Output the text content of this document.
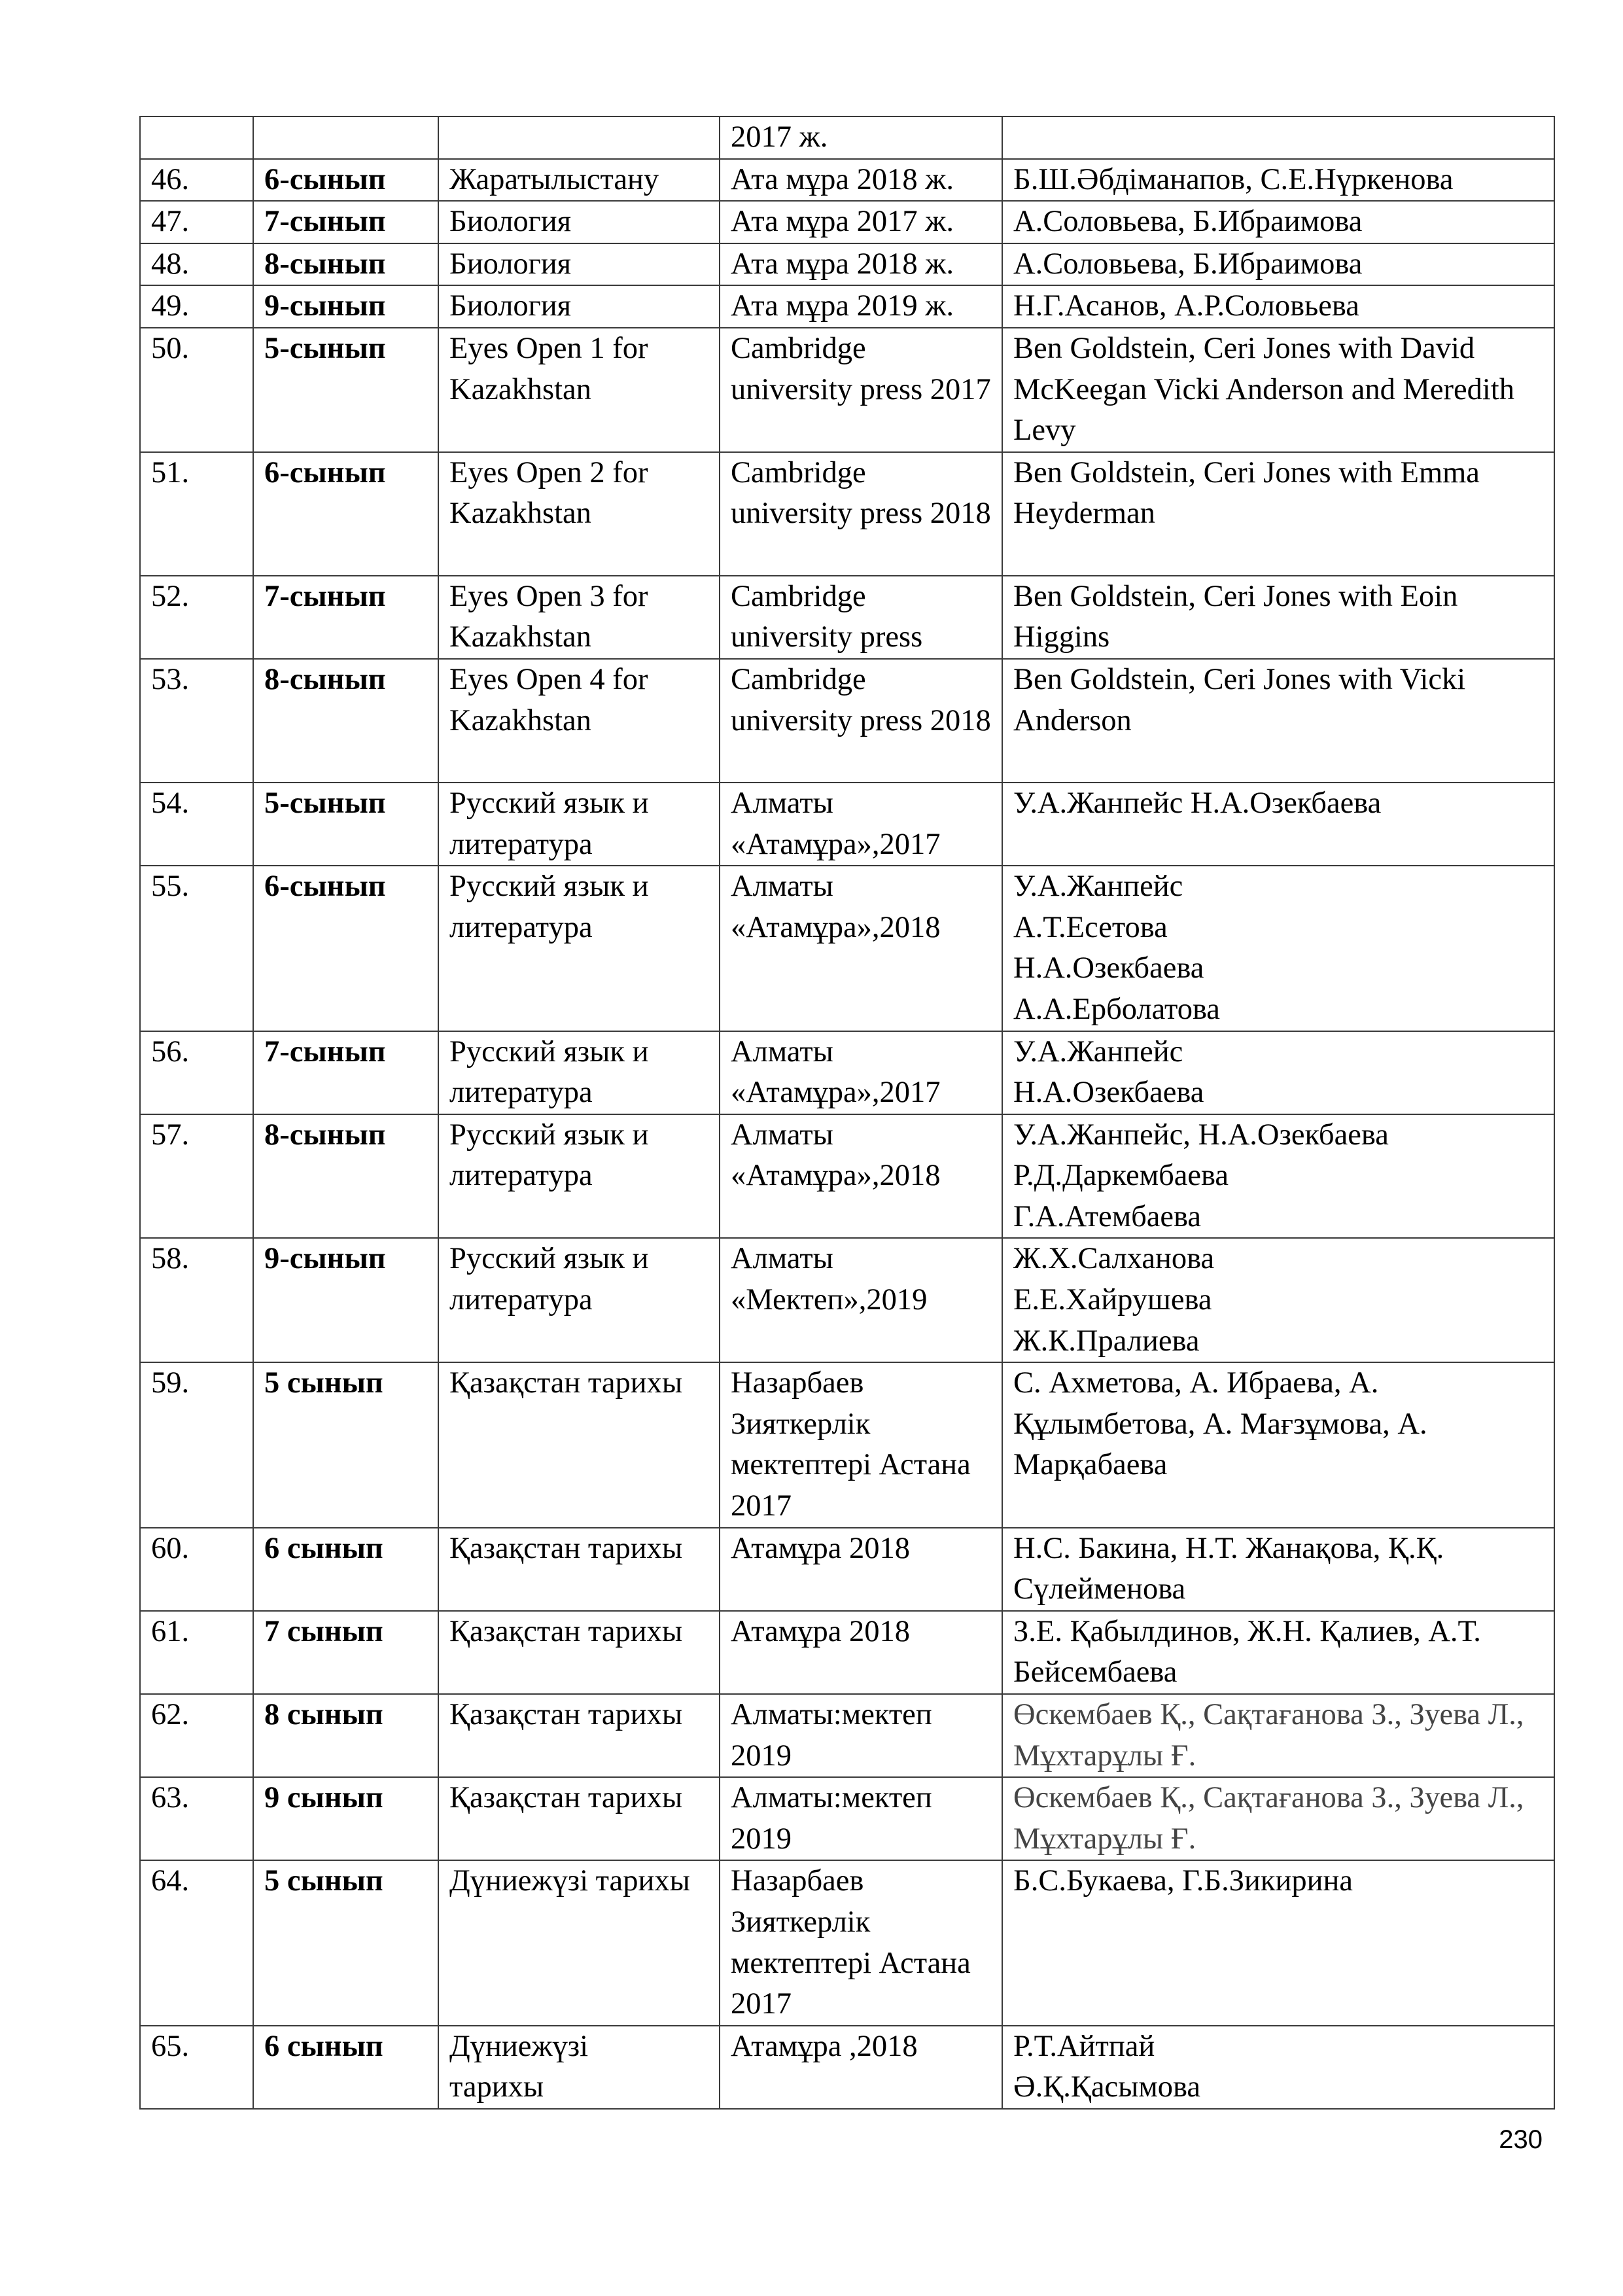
			2017 ж.	
46.	6-сынып	Жаратылыстану	Ата мұра 2018 ж.	Б.Ш.Әбдіманапов, С.Е.Нүркенова
47.	7-сынып	Биология	Ата мұра 2017 ж.	А.Соловьева, Б.Ибраимова
48.	8-сынып	Биология	Ата мұра 2018 ж.	А.Соловьева, Б.Ибраимова
49.	9-сынып	Биология	Ата мұра 2019 ж.	Н.Г.Асанов, А.Р.Соловьева
50.	5-сынып	Eyes Open 1 for Kazakhstan	Cambridge university press 2017	Ben Goldstein, Ceri Jones with David McKeegan Vicki Anderson and Meredith Levy
51.	6-сынып	Eyes Open 2 for Kazakhstan	Cambridge university press 2018	Ben Goldstein, Ceri Jones with Emma Heyderman
52.	7-сынып	Eyes Open 3 for Kazakhstan	Cambridge university press	Ben Goldstein, Ceri Jones with Eoin Higgins
53.	8-сынып	Eyes Open 4 for Kazakhstan	Cambridge university press 2018	Ben Goldstein, Ceri Jones with Vicki Anderson
54.	5-сынып	Русский язык и литература	Алматы «Атамұра»,2017	У.А.Жанпейс Н.А.Озекбаева
55.	6-сынып	Русский язык и литература	Алматы «Атамұра»,2018	У.А.Жанпейс
А.Т.Есетова
Н.А.Озекбаева
А.А.Ерболатова
56.	7-сынып	Русский язык и литература	Алматы «Атамұра»,2017	У.А.Жанпейс
Н.А.Озекбаева
57.	8-сынып	Русский язык и литература	Алматы «Атамұра»,2018	У.А.Жанпейс, Н.А.Озекбаева
Р.Д.Даркембаева
Г.А.Атембаева
58.	9-сынып	Русский язык и литература	Алматы «Мектеп»,2019	Ж.Х.Салханова
Е.Е.Хайрушева
Ж.К.Пралиева
59.	5 сынып	Қазақстан тарихы	Назарбаев Зияткерлік мектептері Астана 2017	С. Ахметова, А. Ибраева, А. Құлымбетова, А. Мағзұмова, А. Марқабаева
60.	6 сынып	Қазақстан тарихы	Атамұра 2018	Н.С. Бакина, Н.Т. Жанақова, Қ.Қ. Сүлейменова
61.	7 сынып	Қазақстан тарихы	Атамұра 2018	З.Е. Қабылдинов, Ж.Н. Қалиев, А.Т. Бейсембаева
62.	8 сынып	Қазақстан тарихы	Алматы:мектеп 2019	Өскембаев Қ., Сақтағанова З., Зуева Л., Мұхтарұлы Ғ.
63.	9 сынып	Қазақстан тарихы	Алматы:мектеп 2019	Өскембаев Қ., Сақтағанова З., Зуева Л., Мұхтарұлы Ғ.
64.	5 сынып	Дүниежүзі тарихы	Назарбаев Зияткерлік мектептері Астана 2017	Б.С.Букаева, Г.Б.Зикирина
65.	6 сынып	Дүниежүзі
тарихы	Атамұра ,2018	Р.Т.Айтпай
Ә.Қ.Қасымова
230
